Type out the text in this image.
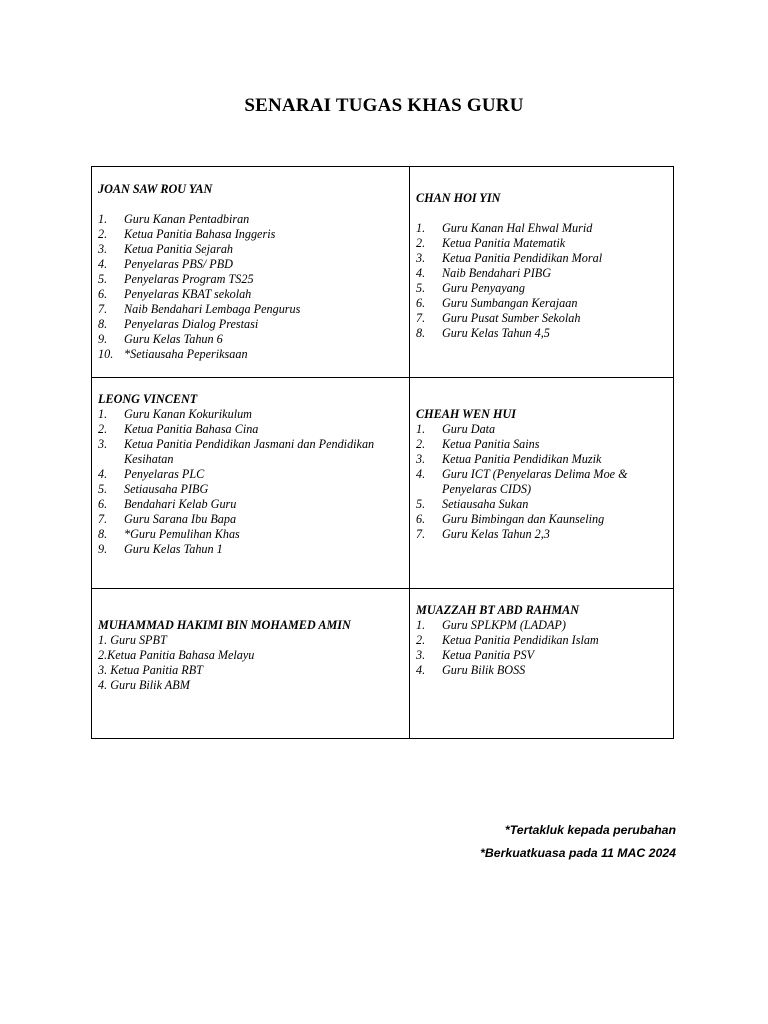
SENARAI TUGAS KHAS GURU
JOAN SAW ROU YAN
1.	Guru Kanan Pentadbiran
2.	Ketua Panitia Bahasa Inggeris
3.	Ketua Panitia Sejarah
4.	Penyelaras PBS/ PBD
5.	Penyelaras Program TS25
6.	Penyelaras KBAT sekolah
7.	Naib Bendahari Lembaga Pengurus
8.	Penyelaras Dialog Prestasi
9.	Guru Kelas Tahun 6
10. *Setiausaha Peperiksaan
CHAN HOI YIN
1.	Guru Kanan Hal Ehwal Murid
2.	Ketua Panitia Matematik
3.	Ketua Panitia Pendidikan Moral
4.	Naib Bendahari PIBG
5.	Guru Penyayang
6.	Guru Sumbangan Kerajaan
7.	Guru Pusat Sumber Sekolah
8.	Guru Kelas Tahun 4,5
LEONG VINCENT
1.	Guru Kanan Kokurikulum
2.	Ketua Panitia Bahasa Cina
3.	Ketua Panitia Pendidikan Jasmani dan Pendidikan Kesihatan
4.	Penyelaras PLC
5.	Setiausaha PIBG
6.	Bendahari Kelab Guru
7.	Guru Sarana Ibu Bapa
8.	*Guru Pemulihan Khas
9.	Guru Kelas Tahun 1
CHEAH WEN HUI
1.	Guru Data
2.	Ketua Panitia Sains
3.	Ketua Panitia Pendidikan Muzik
4.	Guru ICT (Penyelaras Delima Moe & Penyelaras CIDS)
5.	Setiausaha Sukan
6.	Guru Bimbingan dan Kaunseling
7.	Guru Kelas Tahun 2,3
MUHAMMAD HAKIMI BIN MOHAMED AMIN
1. Guru SPBT
2.Ketua Panitia Bahasa Melayu
3. Ketua Panitia RBT
4. Guru Bilik ABM
MUAZZAH BT ABD RAHMAN
1.	Guru SPLKPM (LADAP)
2.	Ketua Panitia Pendidikan Islam
3.	Ketua Panitia PSV
4.	Guru Bilik BOSS
*Tertakluk kepada perubahan
*Berkuatkuasa pada 11 MAC 2024
